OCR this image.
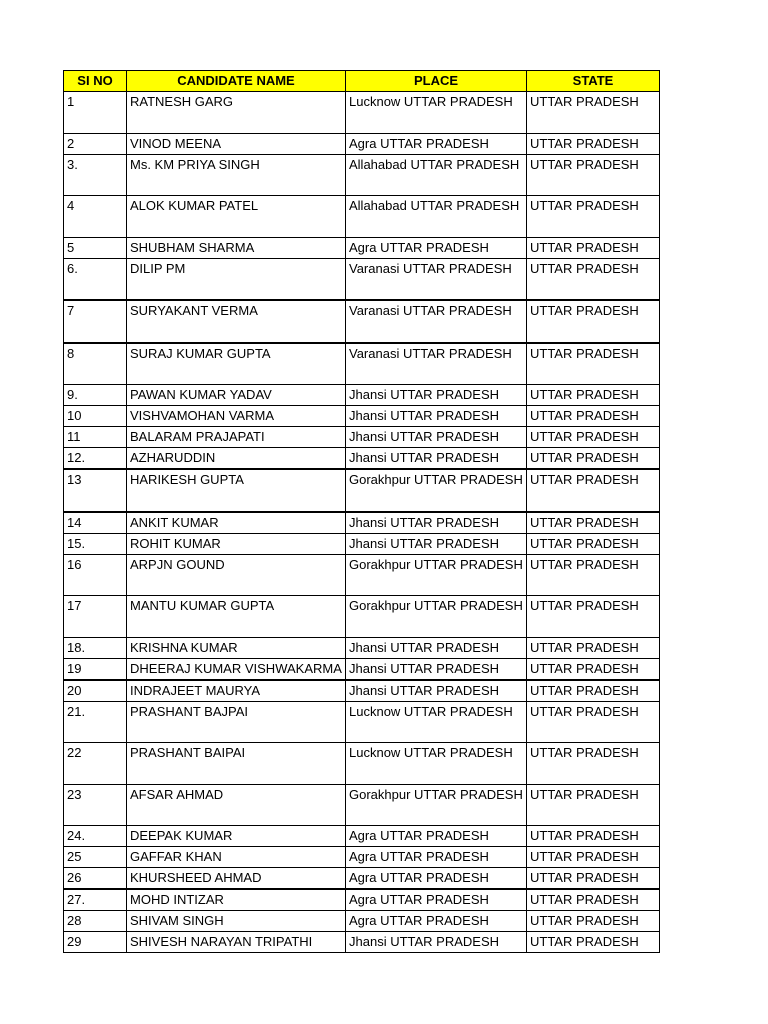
SI NO	CANDIDATE NAME	PLACE	STATE
1	RATNESH GARG	Lucknow UTTAR PRADESH	UTTAR PRADESH
2	VINOD MEENA	Agra UTTAR PRADESH	UTTAR PRADESH
3.	Ms. KM PRIYA SINGH	Allahabad UTTAR PRADESH	UTTAR PRADESH
4	ALOK KUMAR PATEL	Allahabad UTTAR PRADESH	UTTAR PRADESH
5	SHUBHAM SHARMA	Agra UTTAR PRADESH	UTTAR PRADESH
6.	DILIP PM	Varanasi UTTAR PRADESH	UTTAR PRADESH
7	SURYAKANT VERMA	Varanasi UTTAR PRADESH	UTTAR PRADESH
8	SURAJ KUMAR GUPTA	Varanasi UTTAR PRADESH	UTTAR PRADESH
9.	PAWAN KUMAR YADAV	Jhansi UTTAR PRADESH	UTTAR PRADESH
10	VISHVAMOHAN VARMA	Jhansi UTTAR PRADESH	UTTAR PRADESH
11	BALARAM PRAJAPATI	Jhansi UTTAR PRADESH	UTTAR PRADESH
12.	AZHARUDDIN	Jhansi UTTAR PRADESH	UTTAR PRADESH
13	HARIKESH GUPTA	Gorakhpur UTTAR PRADESH	UTTAR PRADESH
14	ANKIT KUMAR	Jhansi UTTAR PRADESH	UTTAR PRADESH
15.	ROHIT KUMAR	Jhansi UTTAR PRADESH	UTTAR PRADESH
16	ARPJN GOUND	Gorakhpur UTTAR PRADESH	UTTAR PRADESH
17	MANTU KUMAR GUPTA	Gorakhpur UTTAR PRADESH	UTTAR PRADESH
18.	KRISHNA KUMAR	Jhansi UTTAR PRADESH	UTTAR PRADESH
19	DHEERAJ KUMAR VISHWAKARMA	Jhansi UTTAR PRADESH	UTTAR PRADESH
20	INDRAJEET MAURYA	Jhansi UTTAR PRADESH	UTTAR PRADESH
21.	PRASHANT BAJPAI	Lucknow UTTAR PRADESH	UTTAR PRADESH
22	PRASHANT BAIPAI	Lucknow UTTAR PRADESH	UTTAR PRADESH
23	AFSAR AHMAD	Gorakhpur UTTAR PRADESH	UTTAR PRADESH
24.	DEEPAK KUMAR	Agra UTTAR PRADESH	UTTAR PRADESH
25	GAFFAR KHAN	Agra UTTAR PRADESH	UTTAR PRADESH
26	KHURSHEED AHMAD	Agra UTTAR PRADESH	UTTAR PRADESH
27.	MOHD INTIZAR	Agra UTTAR PRADESH	UTTAR PRADESH
28	SHIVAM SINGH	Agra UTTAR PRADESH	UTTAR PRADESH
29	SHIVESH NARAYAN TRIPATHI	Jhansi UTTAR PRADESH	UTTAR PRADESH
